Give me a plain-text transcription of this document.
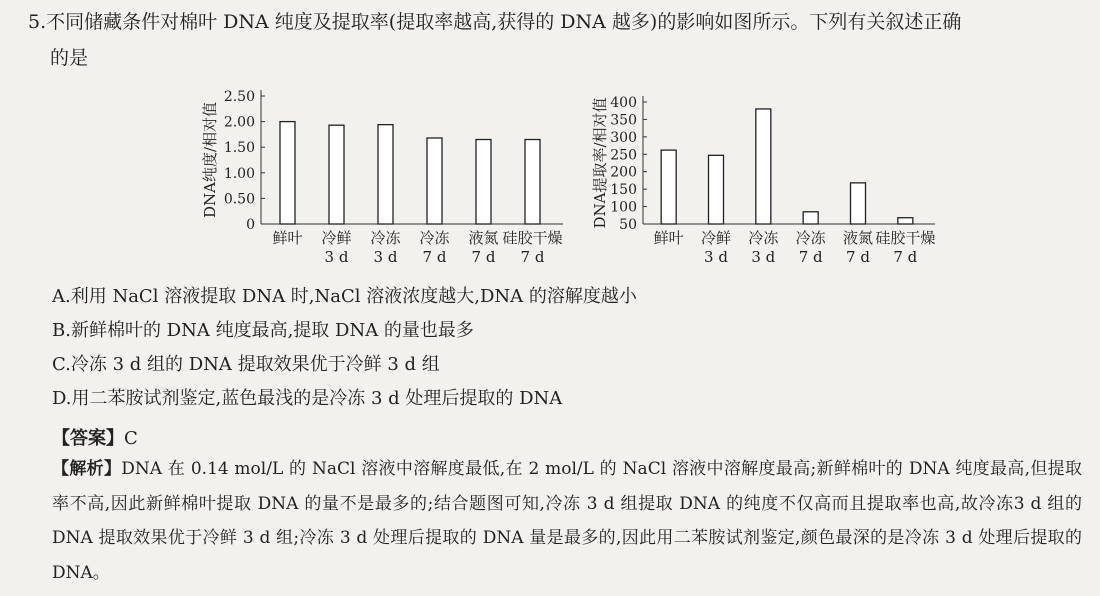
5.不同储藏条件对棉叶 DNA 纯度及提取率(提取率越高,获得的 DNA 越多)的影响如图所示。下列有关叙述正确
的是
0
0.50
1.00
1.50
2.00
2.50
DNA纯度/相对值
鲜叶 冷鲜
3 d
冷冻
3 d
冷冻
7 d
液氮
7 d
硅胶干燥
7 d
50
100
150
200
250
300
350
400
DNA提取率/相对值
鲜叶 冷鲜
3 d
冷冻
3 d
冷冻
7 d
液氮
7 d
硅胶干燥
7 d
A.利用 NaCl 溶液提取 DNA 时,NaCl 溶液浓度越大,DNA 的溶解度越小
B.新鲜棉叶的 DNA 纯度最高,提取 DNA 的量也最多
C.冷冻 3 d 组的 DNA 提取效果优于冷鲜 3 d 组
D.用二苯胺试剂鉴定,蓝色最浅的是冷冻 3 d 处理后提取的 DNA
【答案】C

【解析】DNA 在 0.14 mol/L 的 NaCl 溶液中溶解度最低,在 2 mol/L 的 NaCl 溶液中溶解度最高;新鲜棉叶的 DNA 纯度最高,但提取率不高,因此新鲜棉叶提取 DNA 的量不是最多的;结合题图可知,冷冻 3 d 组提取 DNA 的纯度不仅高而且提取率也高,故冷冻3 d 组的 DNA 提取效果优于冷鲜 3 d 组;冷冻 3 d 处理后提取的 DNA 量是最多的,因此用二苯胺试剂鉴定,颜色最深的是冷冻 3 d 处理后提取的 DNA。
